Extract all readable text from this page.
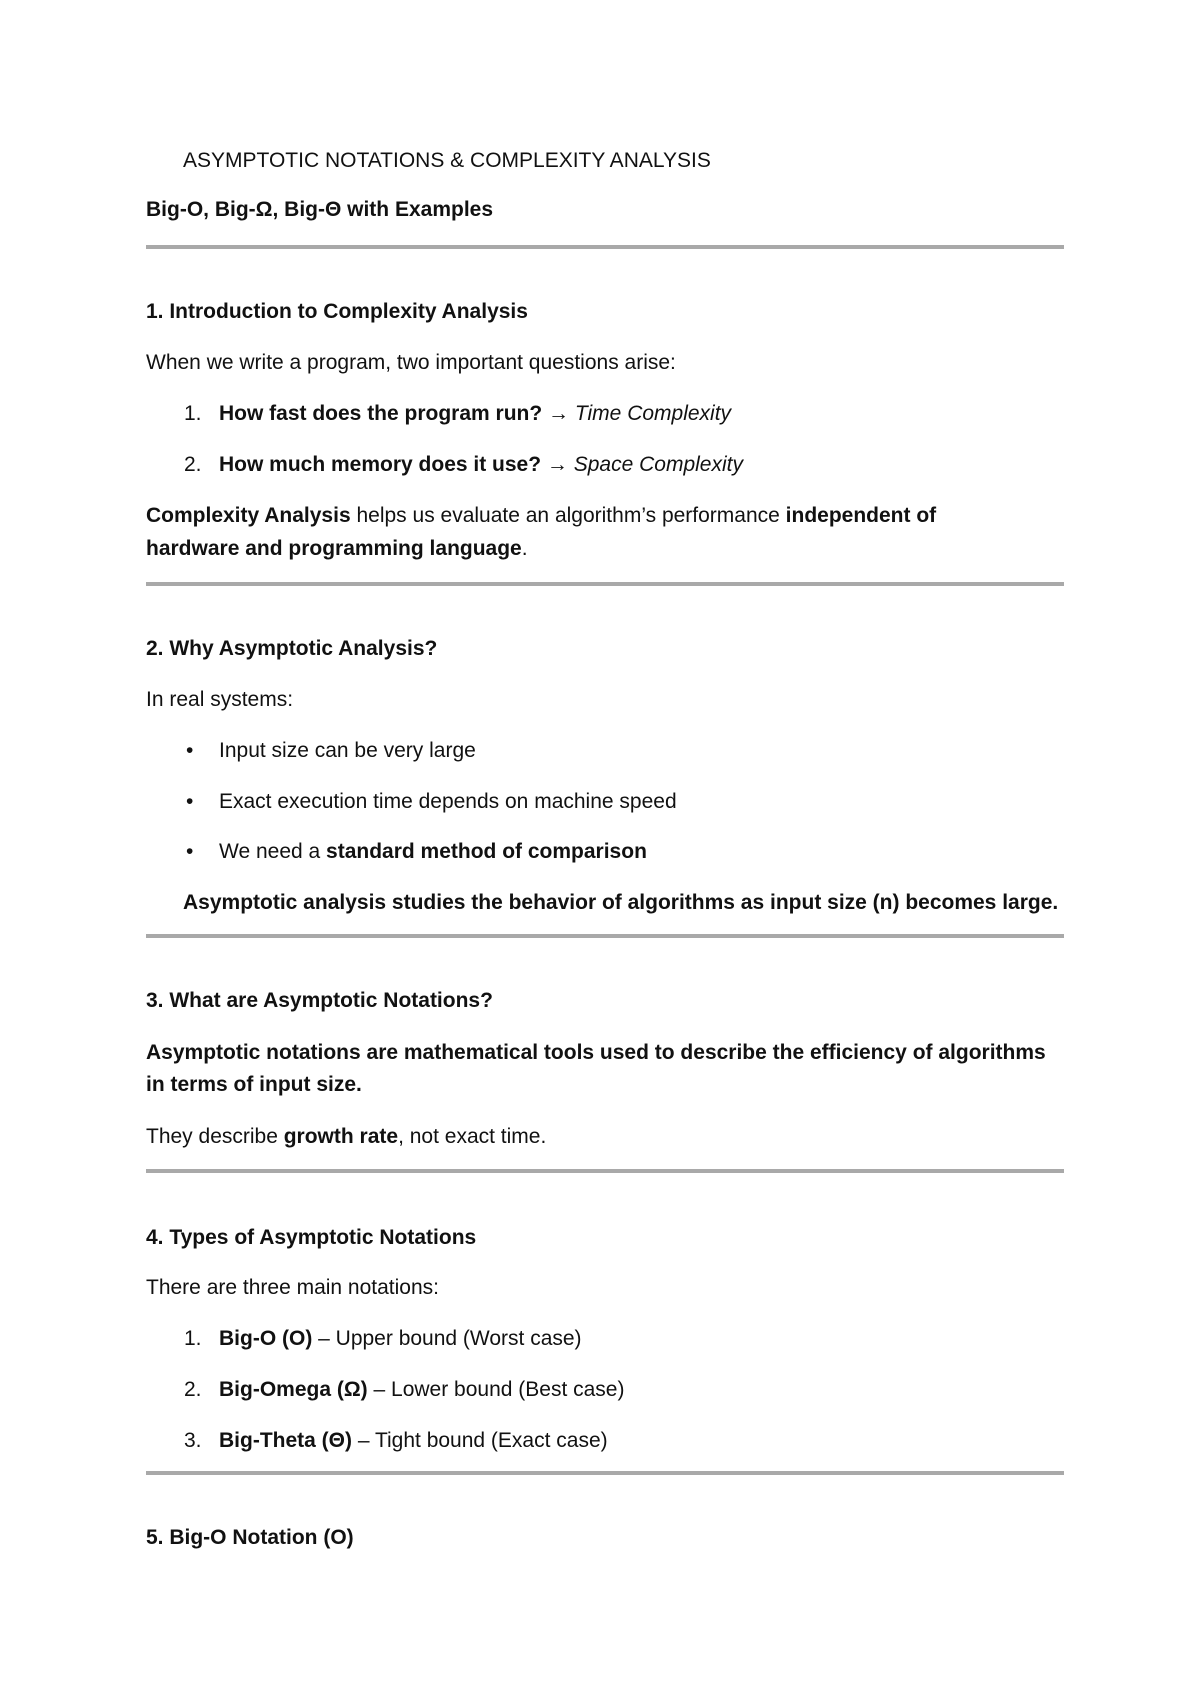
ASYMPTOTIC NOTATIONS & COMPLEXITY ANALYSIS
Big-O, Big-Ω, Big-Θ with Examples
1. Introduction to Complexity Analysis
When we write a program, two important questions arise:
1. How fast does the program run? → Time Complexity
2. How much memory does it use? → Space Complexity
Complexity Analysis helps us evaluate an algorithm’s performance independent of
hardware and programming language.
2. Why Asymptotic Analysis?
In real systems:
• Input size can be very large
• Exact execution time depends on machine speed
• We need a standard method of comparison
Asymptotic analysis studies the behavior of algorithms as input size (n) becomes large.
3. What are Asymptotic Notations?
Asymptotic notations are mathematical tools used to describe the efficiency of algorithms
in terms of input size.
They describe growth rate, not exact time.
4. Types of Asymptotic Notations
There are three main notations:
1. Big-O (O) – Upper bound (Worst case)
2. Big-Omega (Ω) – Lower bound (Best case)
3. Big-Theta (Θ) – Tight bound (Exact case)
5. Big-O Notation (O)
